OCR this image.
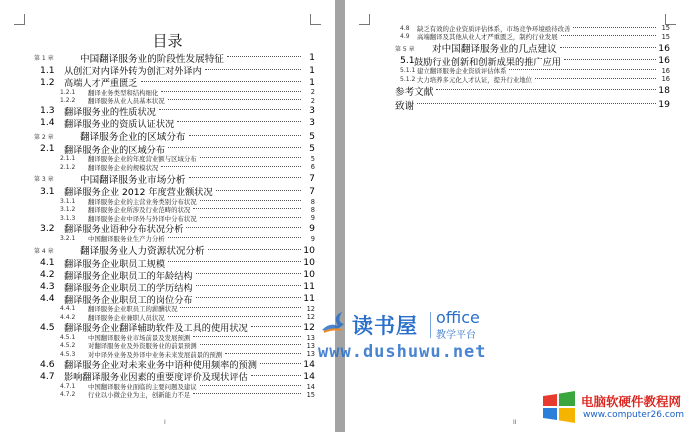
目录
第 1 章	中国翻译服务业的阶段性发展特征	1
1.1 从创汇对内译外转为创汇对外译内	1
1.2 高端人才严重匮乏	1
1.2.1 翻译业务类型和结构细化	2
1.2.2 翻译服务从业人员基本状况	2
1.3 翻译服务业的性质状况	3
1.4 翻译服务业的资质认证状况	3
第 2 章	翻译服务企业的区域分布	5
2.1 翻译服务企业的区域分布	5
2.1.1 翻译服务企业的年度营业额与区域分布	5
2.1.2 翻译服务企业的规模状况	6
第 3 章	中国翻译服务业市场分析	7
3.1 翻译服务企业 2012 年度营业额状况	7
3.1.1 翻译服务企业的主营业务类别分布状况	8
3.1.2 翻译服务企业所涉及行业范畴的状况	8
3.1.3 翻译服务企业中译外与外译中分布状况	9
3.2 翻译服务业语种分布状况分析	9
3.2.1 中国翻译服务业生产力分析	9
第 4 章	翻译服务业人力资源状况分析	10
4.1 翻译服务企业职员工规模	10
4.2 翻译服务企业职员工的年龄结构	10
4.3 翻译服务企业职员工的学历结构	11
4.4 翻译服务企业职员工的岗位分布	11
4.4.1 翻译服务企业职员工的薪酬状况	12
4.4.2 翻译服务企业兼职人员状况	12
4.5 翻译服务企业翻译辅助软件及工具的使用状况	12
4.5.1 中国翻译服务业市场前景及发展预测	13
4.5.2 对翻译服务业及外资服务业的前景预测	13
4.5.3 对中译外业务及外译中业务未来发展前景的预测	13
4.6 翻译服务企业对未来业务中语种使用频率的预测	14
4.7 影响翻译服务业因素的重要度评价及现状评估	14
4.7.1 中国翻译服务业面临的主要问题及建议	14
4.7.2 行业以小微企业为主，创新能力不足	15
I
4.8 缺乏有效的企业资质评估体系，市场竞争环境亟待改善	15
4.9 高端翻译及其他从业人才严重匮乏，制约行业发展	15
第 5 章 对中国翻译服务业的几点建议	16
5.1 鼓励行业创新和创新成果的推广应用	16
5.1.1 建立翻译服务企业资质评估体系	16
5.1.2 大力培养多元化人才认证，提升行业地位	16
参考文献	18
致谢	19
II
读书屋 office
教学平台
www.dushuwu.net
电脑软硬件教程网
www.computer26.com
